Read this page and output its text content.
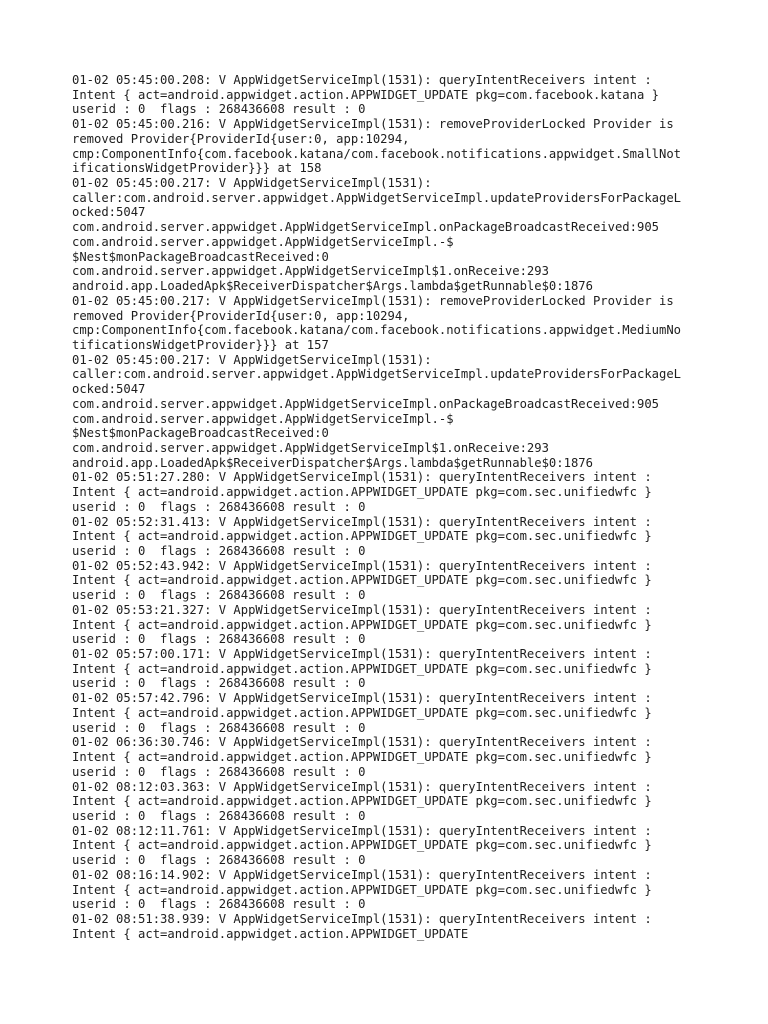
01-02 05:45:00.208: V AppWidgetServiceImpl(1531): queryIntentReceivers intent :
Intent { act=android.appwidget.action.APPWIDGET_UPDATE pkg=com.facebook.katana }
userid : 0  flags : 268436608 result : 0
01-02 05:45:00.216: V AppWidgetServiceImpl(1531): removeProviderLocked Provider is
removed Provider{ProviderId{user:0, app:10294,
cmp:ComponentInfo{com.facebook.katana/com.facebook.notifications.appwidget.SmallNot
ificationsWidgetProvider}}} at 158
01-02 05:45:00.217: V AppWidgetServiceImpl(1531):
caller:com.android.server.appwidget.AppWidgetServiceImpl.updateProvidersForPackageL
ocked:5047
com.android.server.appwidget.AppWidgetServiceImpl.onPackageBroadcastReceived:905
com.android.server.appwidget.AppWidgetServiceImpl.-$
$Nest$monPackageBroadcastReceived:0
com.android.server.appwidget.AppWidgetServiceImpl$1.onReceive:293
android.app.LoadedApk$ReceiverDispatcher$Args.lambda$getRunnable$0:1876
01-02 05:45:00.217: V AppWidgetServiceImpl(1531): removeProviderLocked Provider is
removed Provider{ProviderId{user:0, app:10294,
cmp:ComponentInfo{com.facebook.katana/com.facebook.notifications.appwidget.MediumNo
tificationsWidgetProvider}}} at 157
01-02 05:45:00.217: V AppWidgetServiceImpl(1531):
caller:com.android.server.appwidget.AppWidgetServiceImpl.updateProvidersForPackageL
ocked:5047
com.android.server.appwidget.AppWidgetServiceImpl.onPackageBroadcastReceived:905
com.android.server.appwidget.AppWidgetServiceImpl.-$
$Nest$monPackageBroadcastReceived:0
com.android.server.appwidget.AppWidgetServiceImpl$1.onReceive:293
android.app.LoadedApk$ReceiverDispatcher$Args.lambda$getRunnable$0:1876
01-02 05:51:27.280: V AppWidgetServiceImpl(1531): queryIntentReceivers intent :
Intent { act=android.appwidget.action.APPWIDGET_UPDATE pkg=com.sec.unifiedwfc }
userid : 0  flags : 268436608 result : 0
01-02 05:52:31.413: V AppWidgetServiceImpl(1531): queryIntentReceivers intent :
Intent { act=android.appwidget.action.APPWIDGET_UPDATE pkg=com.sec.unifiedwfc }
userid : 0  flags : 268436608 result : 0
01-02 05:52:43.942: V AppWidgetServiceImpl(1531): queryIntentReceivers intent :
Intent { act=android.appwidget.action.APPWIDGET_UPDATE pkg=com.sec.unifiedwfc }
userid : 0  flags : 268436608 result : 0
01-02 05:53:21.327: V AppWidgetServiceImpl(1531): queryIntentReceivers intent :
Intent { act=android.appwidget.action.APPWIDGET_UPDATE pkg=com.sec.unifiedwfc }
userid : 0  flags : 268436608 result : 0
01-02 05:57:00.171: V AppWidgetServiceImpl(1531): queryIntentReceivers intent :
Intent { act=android.appwidget.action.APPWIDGET_UPDATE pkg=com.sec.unifiedwfc }
userid : 0  flags : 268436608 result : 0
01-02 05:57:42.796: V AppWidgetServiceImpl(1531): queryIntentReceivers intent :
Intent { act=android.appwidget.action.APPWIDGET_UPDATE pkg=com.sec.unifiedwfc }
userid : 0  flags : 268436608 result : 0
01-02 06:36:30.746: V AppWidgetServiceImpl(1531): queryIntentReceivers intent :
Intent { act=android.appwidget.action.APPWIDGET_UPDATE pkg=com.sec.unifiedwfc }
userid : 0  flags : 268436608 result : 0
01-02 08:12:03.363: V AppWidgetServiceImpl(1531): queryIntentReceivers intent :
Intent { act=android.appwidget.action.APPWIDGET_UPDATE pkg=com.sec.unifiedwfc }
userid : 0  flags : 268436608 result : 0
01-02 08:12:11.761: V AppWidgetServiceImpl(1531): queryIntentReceivers intent :
Intent { act=android.appwidget.action.APPWIDGET_UPDATE pkg=com.sec.unifiedwfc }
userid : 0  flags : 268436608 result : 0
01-02 08:16:14.902: V AppWidgetServiceImpl(1531): queryIntentReceivers intent :
Intent { act=android.appwidget.action.APPWIDGET_UPDATE pkg=com.sec.unifiedwfc }
userid : 0  flags : 268436608 result : 0
01-02 08:51:38.939: V AppWidgetServiceImpl(1531): queryIntentReceivers intent :
Intent { act=android.appwidget.action.APPWIDGET_UPDATE
